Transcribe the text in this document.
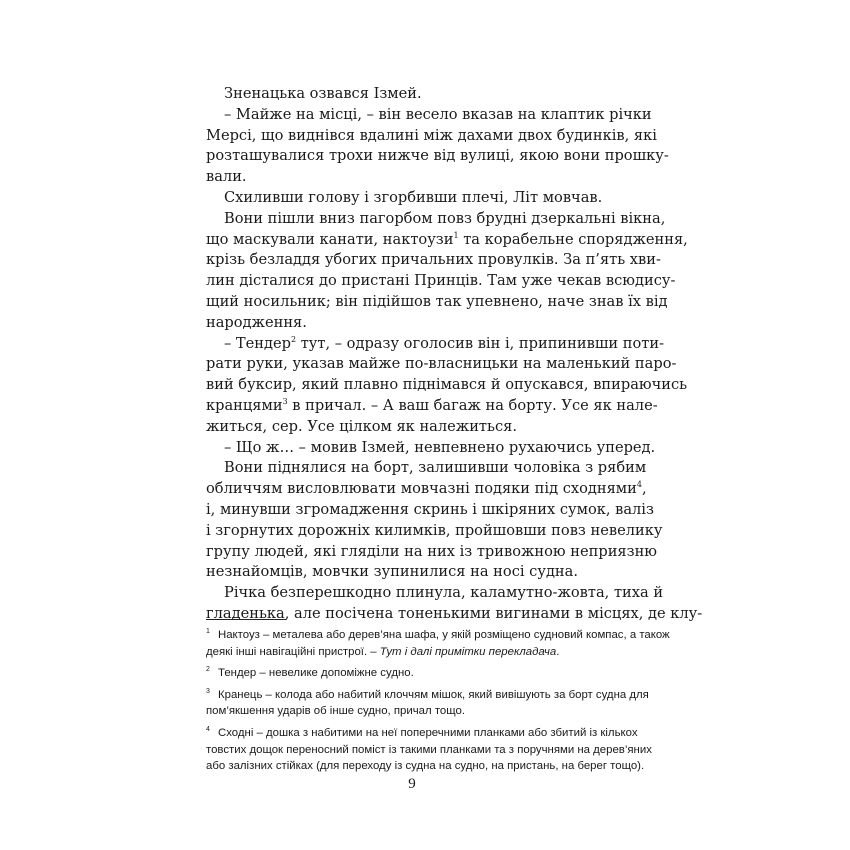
Зненацька озвався Ізмей.
– Майже на місці, – він весело вказав на клаптик річки
Мерсі, що виднівся вдалині між дахами двох будинків, які
розташувалися трохи нижче від вулиці, якою вони прошку-
вали.
Схиливши голову і згорбивши плечі, Літ мовчав.
Вони пішли вниз пагорбом повз брудні дзеркальні вікна,
що маскували канати, нактоузи$^1$ та корабельне спорядження,
крізь безладдя убогих причальних провулків. За п’ять хви-
лин дісталися до пристані Принців. Там уже чекав всюдису-
щий носильник; він підійшов так упевнено, наче знав їх від
народження.
– Тендер$^2$ тут, – одразу оголосив він і, припинивши поти-
рати руки, указав майже по-власницьки на маленький паро-
вий буксир, який плавно піднімався й опускався, впираючись
кранцями$^3$ в причал. – А ваш багаж на борту. Усе як нале-
житься, сер. Усе цілком як належиться.
– Що ж… – мовив Ізмей, невпевнено рухаючись уперед.
Вони піднялися на борт, залишивши чоловіка з рябим
обличчям висловлювати мовчазні подяки під сходнями$^4$,
і, минувши згромадження скринь і шкіряних сумок, валіз
і згорнутих дорожніх килимків, пройшовши повз невелику
групу людей, які гляділи на них із тривожною неприязню
незнайомців, мовчки зупинилися на носі судна.
Річка безперешкодно плинула, каламутно-жовта, тиха й
гладенька, але посічена тоненькими вигинами в місцях, де клу-
1 Нактоуз – металева або дерев’яна шафа, у якій розміщено судновий компас, а також
деякі інші навігаційні пристрої. – Тут і далі примітки перекладача.
2 Тендер – невелике допоміжне судно.
3 Кранець – колода або набитий клоччям мішок, який вивішують за борт судна для
пом’якшення ударів об інше судно, причал тощо.
4 Сходні – дошка з набитими на неї поперечними планками або збитий із кількох
товстих дощок переносний поміст із такими планками та з поручнями на дерев’яних
або залізних стійках (для переходу із судна на судно, на пристань, на берег тощо).
9
